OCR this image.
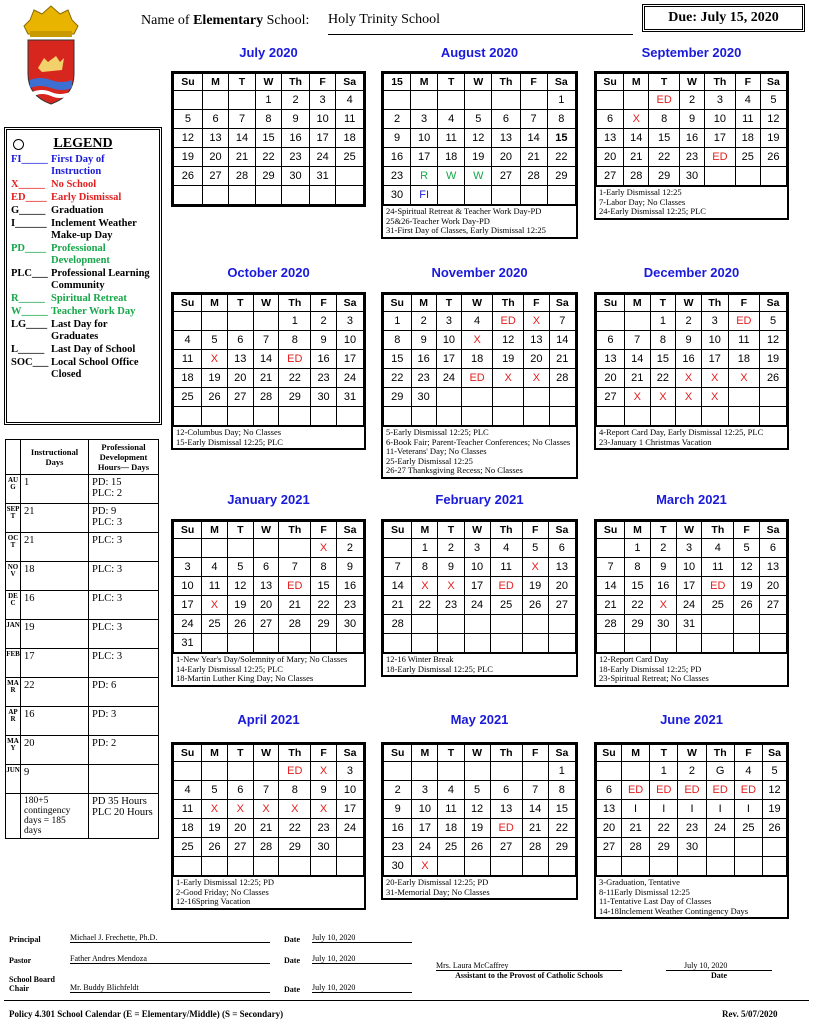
Name of Elementary School: Holy Trinity School	Due: July 15, 2020
LEGEND
FI_____ First Day of Instruction
X_____ No School
ED____ Early Dismissal
G_____ Graduation
I______ Inclement Weather Make-up Day
PD____ Professional Development
PLC___ Professional Learning Community
R_____ Spiritual Retreat
W_____ Teacher Work Day
LG____ Last Day for Graduates
L_____ Last Day of School
SOC___ Local School Office Closed
	Instructional Days	Professional Development Hours— Days
AUG	1	PD: 15
PLC: 2
SEPT	21	PD: 9
PLC: 3
OCT	21	PLC: 3
NOV	18	PLC: 3
DEC	16	PLC: 3
JAN	19	PLC: 3
FEB	17	PLC: 3
MAR	22	PD: 6
APR	16	PD: 3
MAY	20	PD: 2
JUN	9	
	180+5 contingency days = 185 days	PD 35 Hours
PLC 20 Hours
July 2020
Su	M	T	W	Th	F	Sa
			1	2	3	4
5	6	7	8	9	10	11
12	13	14	15	16	17	18
19	20	21	22	23	24	25
26	27	28	29	30	31	

August 2020
15	M	T	W	Th	F	Sa
						1
2	3	4	5	6	7	8
9	10	11	12	13	14	15
16	17	18	19	20	21	22
23	R	W	W	27	28	29
30	FI					
24-Spiritual Retreat & Teacher Work Day-PD
25&26-Teacher Work Day-PD
31-First Day of Classes, Early Dismissal 12:25
September 2020
Su	M	T	W	Th	F	Sa
		ED	2	3	4	5
6	X	8	9	10	11	12
13	14	15	16	17	18	19
20	21	22	23	ED	25	26
27	28	29	30			
1-Early Dismissal 12:25
7-Labor Day; No Classes
24-Early Dismissal 12:25; PLC
October 2020
Su	M	T	W	Th	F	Sa
				1	2	3
4	5	6	7	8	9	10
11	X	13	14	ED	16	17
18	19	20	21	22	23	24
25	26	27	28	29	30	31

12-Columbus Day; No Classes
15-Early Dismissal 12:25; PLC
November 2020
Su	M	T	W	Th	F	Sa
1	2	3	4	ED	X	7
8	9	10	X	12	13	14
15	16	17	18	19	20	21
22	23	24	ED	X	X	28
29	30					

5-Early Dismissal 12:25; PLC
6-Book Fair; Parent-Teacher Conferences; No Classes
11-Veterans' Day; No Classes
25-Early Dismissal 12:25
26-27 Thanksgiving Recess; No Classes
December 2020
Su	M	T	W	Th	F	Sa
		1	2	3	ED	5
6	7	8	9	10	11	12
13	14	15	16	17	18	19
20	21	22	X	X	X	26
27	X	X	X	X		

4-Report Card Day, Early Dismissal 12:25, PLC
23-January 1 Christmas Vacation
January 2021
Su	M	T	W	Th	F	Sa
					X	2
3	4	5	6	7	8	9
10	11	12	13	ED	15	16
17	X	19	20	21	22	23
24	25	26	27	28	29	30
31						
1-New Year's Day/Solemnity of Mary; No Classes
14-Early Dismissal 12:25; PLC
18-Martin Luther King Day; No Classes
February 2021
Su	M	T	W	Th	F	Sa
	1	2	3	4	5	6
7	8	9	10	11	X	13
14	X	X	17	ED	19	20
21	22	23	24	25	26	27
28						

12-16 Winter Break
18-Early Dismissal 12:25; PLC
March 2021
Su	M	T	W	Th	F	Sa
	1	2	3	4	5	6
7	8	9	10	11	12	13
14	15	16	17	ED	19	20
21	22	X	24	25	26	27
28	29	30	31			

12-Report Card Day
18-Early Dismissal 12:25; PD
23-Spiritual Retreat; No Classes
April 2021
Su	M	T	W	Th	F	Sa
				ED	X	3
4	5	6	7	8	9	10
11	X	X	X	X	X	17
18	19	20	21	22	23	24
25	26	27	28	29	30	

1-Early Dismissal 12:25; PD
2-Good Friday; No Classes
12-16Spring Vacation
May 2021
Su	M	T	W	Th	F	Sa
						1
2	3	4	5	6	7	8
9	10	11	12	13	14	15
16	17	18	19	ED	21	22
23	24	25	26	27	28	29
30	X					
20-Early Dismissal 12:25; PD
31-Memorial Day; No Classes
June 2021
Su	M	T	W	Th	F	Sa
		1	2	G	4	5
6	ED	ED	ED	ED	ED	12
13	I	I	I	I	I	19
20	21	22	23	24	25	26
27	28	29	30			

3-Graduation, Tentative
8-11Early Dismissal 12:25
11-Tentative Last Day of Classes
14-18Inclement Weather Contingency Days
Principal	Michael J. Frechette, Ph.D.	Date July 10, 2020
Pastor	Father Andres Mendoza	Date July 10, 2020
School Board Chair	Mr. Buddy Blichfeldt	Date July 10, 2020
Mrs. Laura McCaffrey
Assistant to the Provost of Catholic Schools
July 10, 2020
Date
Policy 4.301 School Calendar (E = Elementary/Middle) (S = Secondary)	Rev. 5/07/2020
